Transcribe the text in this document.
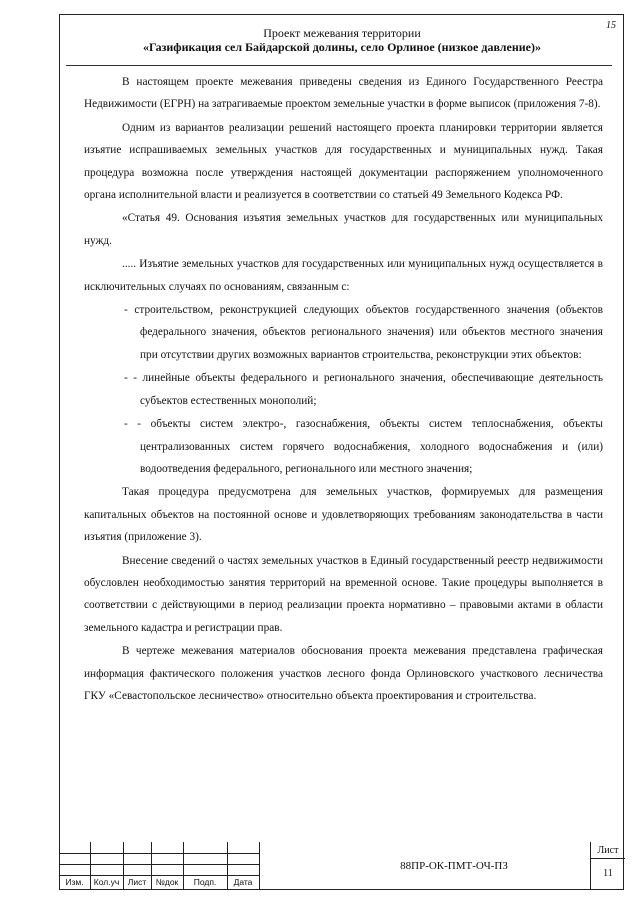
15
Проект межевания территории
«Газификация сел Байдарской долины, село Орлиное (низкое давление)»

В настоящем проекте межевания приведены сведения из Единого Государственного Реестра Недвижимости (ЕГРН) на затрагиваемые проектом земельные участки в форме выписок (приложения 7-8).

Одним из вариантов реализации решений настоящего проекта планировки территории является изъятие испрашиваемых земельных участков для государственных и муниципальных нужд. Такая процедура возможна после утверждения настоящей документации распоряжением уполномоченного органа исполнительной власти и реализуется в соответствии со статьей 49 Земельного Кодекса РФ.

«Статья 49. Основания изъятия земельных участков для государственных или муниципальных нужд.

..... Изъятие земельных участков для государственных или муниципальных нужд осуществляется в исключительных случаях по основаниям, связанным с:

- строительством, реконструкцией следующих объектов государственного значения (объектов федерального значения, объектов регионального значения) или объектов местного значения при отсутствии других возможных вариантов строительства, реконструкции этих объектов:

- - линейные объекты федерального и регионального значения, обеспечивающие деятельность субъектов естественных монополий;

- - объекты систем электро-, газоснабжения, объекты систем теплоснабжения, объекты централизованных систем горячего водоснабжения, холодного водоснабжения и (или) водоотведения федерального, регионального или местного значения;

Такая процедура предусмотрена для земельных участков, формируемых для размещения капитальных объектов на постоянной основе и удовлетворяющих требованиям законодательства в части изъятия (приложение 3).

Внесение сведений о частях земельных участков в Единый государственный реестр недвижимости обусловлен необходимостью занятия территорий на временной основе. Такие процедуры выполняется в соответствии с действующими в период реализации проекта нормативно – правовыми актами в области земельного кадастра и регистрации прав.

В чертеже межевания материалов обоснования проекта межевания представлена графическая информация фактического положения участков лесного фонда Орлиновского участкового лесничества ГКУ «Севастопольское лесничество» относительно объекта проектирования и строительства.

Изм.	Кол.уч	Лист	№док	Подп.	Дата
88ПР-ОК-ПМТ-ОЧ-ПЗ
Лист
11
